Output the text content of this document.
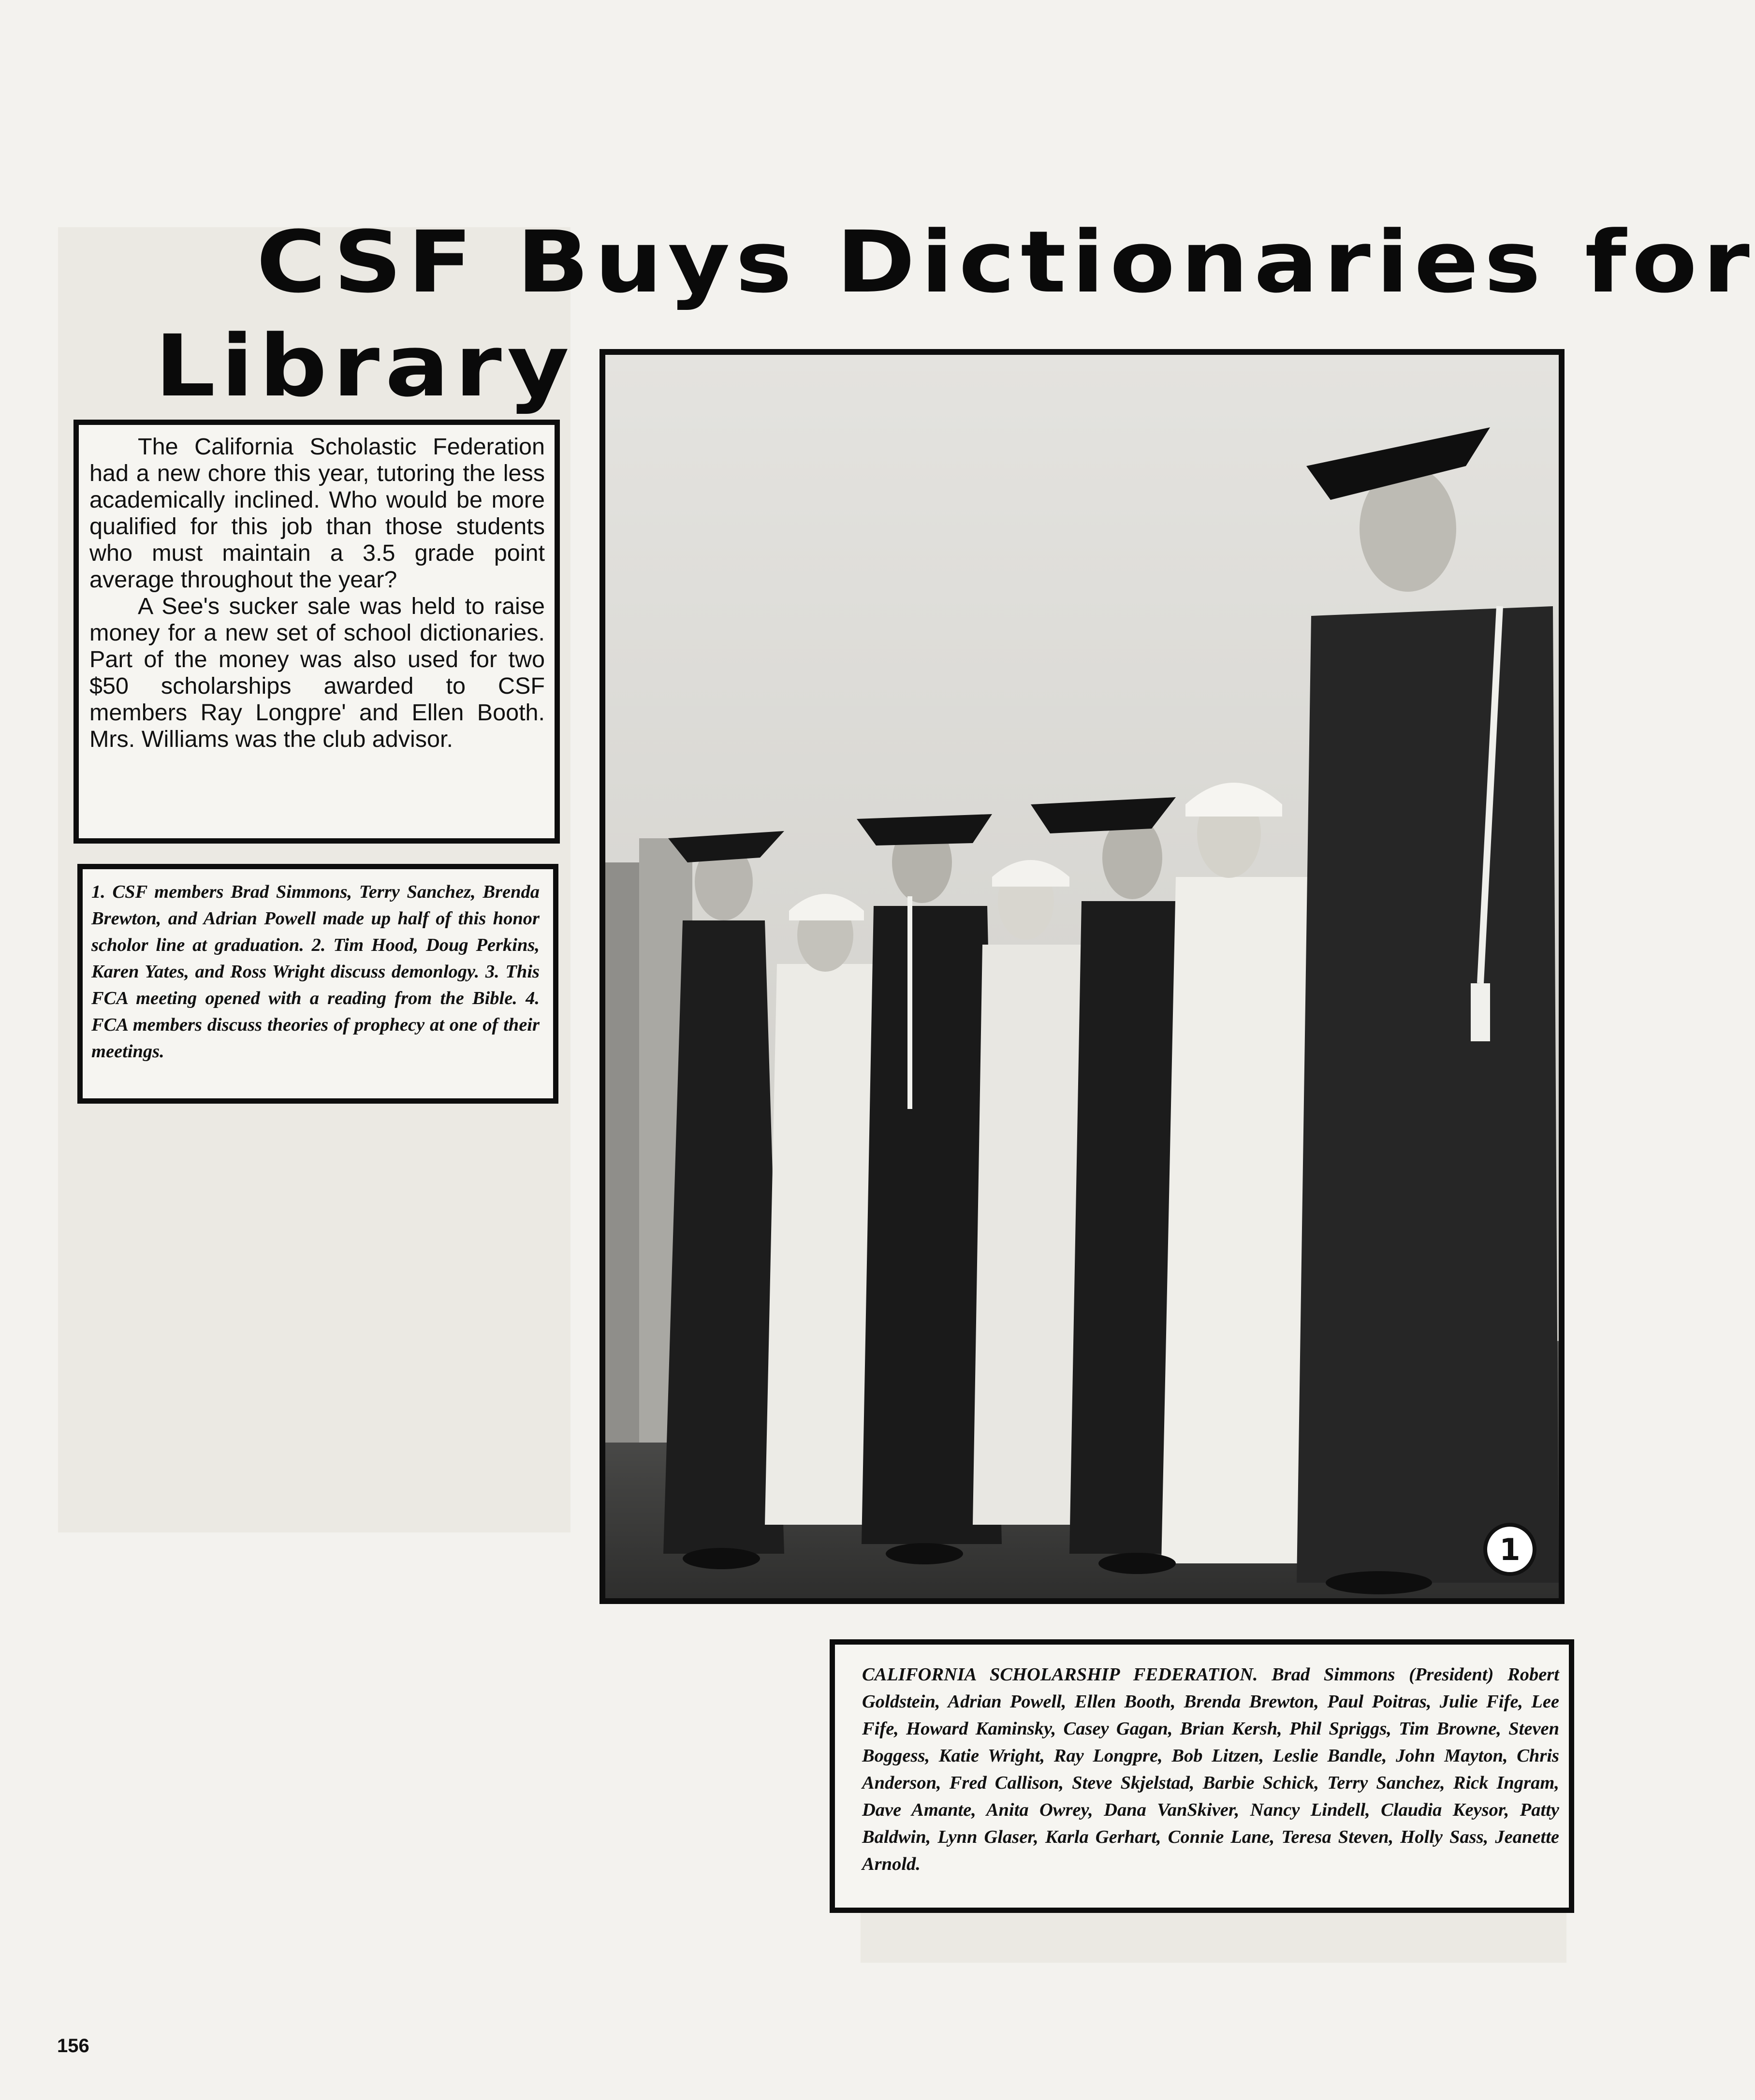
CSF Buys Dictionaries for
Library

The California Scholastic Federation had a new chore this year, tutoring the less academically inclined. Who would be more qualified for this job than those students who must maintain a 3.5 grade point average throughout the year?

A See's sucker sale was held to raise money for a new set of school dictionaries. Part of the money was also used for two $50 scholarships awarded to CSF members Ray Longpre' and Ellen Booth. Mrs. Williams was the club advisor.

1. CSF members Brad Simmons, Terry Sanchez, Brenda Brewton, and Adrian Powell made up half of this honor scholor line at graduation. 2. Tim Hood, Doug Perkins, Karen Yates, and Ross Wright discuss demonlogy. 3. This FCA meeting opened with a reading from the Bible. 4. FCA members discuss theories of prophecy at one of their meetings.

1

CALIFORNIA SCHOLARSHIP FEDERATION. Brad Simmons (President) Robert Goldstein, Adrian Powell, Ellen Booth, Brenda Brewton, Paul Poitras, Julie Fife, Lee Fife, Howard Kaminsky, Casey Gagan, Brian Kersh, Phil Spriggs, Tim Browne, Steven Boggess, Katie Wright, Ray Longpre, Bob Litzen, Leslie Bandle, John Mayton, Chris Anderson, Fred Callison, Steve Skjelstad, Barbie Schick, Terry Sanchez, Rick Ingram, Dave Amante, Anita Owrey, Dana VanSkiver, Nancy Lindell, Claudia Keysor, Patty Baldwin, Lynn Glaser, Karla Gerhart, Connie Lane, Teresa Steven, Holly Sass, Jeanette Arnold.

156
